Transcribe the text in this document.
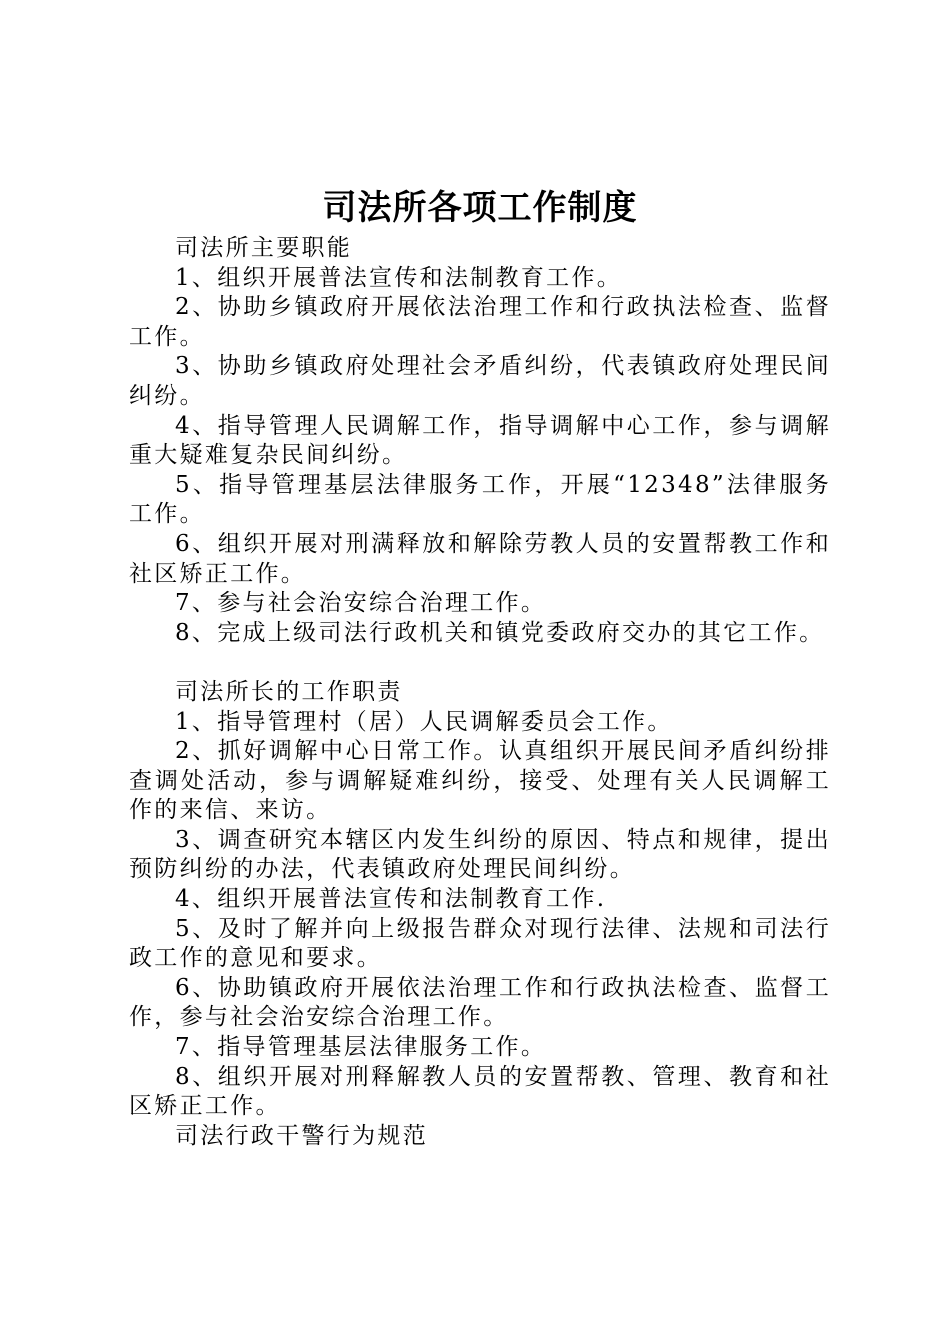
司法所各项工作制度

司法所主要职能

1、组织开展普法宣传和法制教育工作。

2、协助乡镇政府开展依法治理工作和行政执法检查、监督工作。

3、协助乡镇政府处理社会矛盾纠纷，代表镇政府处理民间纠纷。

4、指导管理人民调解工作，指导调解中心工作，参与调解重大疑难复杂民间纠纷。

5、指导管理基层法律服务工作，开展“12348”法律服务工作。

6、组织开展对刑满释放和解除劳教人员的安置帮教工作和社区矫正工作。

7、参与社会治安综合治理工作。

8、完成上级司法行政机关和镇党委政府交办的其它工作。

司法所长的工作职责

1、指导管理村（居）人民调解委员会工作。

2、抓好调解中心日常工作。认真组织开展民间矛盾纠纷排查调处活动，参与调解疑难纠纷，接受、处理有关人民调解工作的来信、来访。

3、调查研究本辖区内发生纠纷的原因、特点和规律，提出预防纠纷的办法，代表镇政府处理民间纠纷。

4、组织开展普法宣传和法制教育工作.

5、及时了解并向上级报告群众对现行法律、法规和司法行政工作的意见和要求。

6、协助镇政府开展依法治理工作和行政执法检查、监督工作，参与社会治安综合治理工作。

7、指导管理基层法律服务工作。

8、组织开展对刑释解教人员的安置帮教、管理、教育和社区矫正工作。

司法行政干警行为规范
